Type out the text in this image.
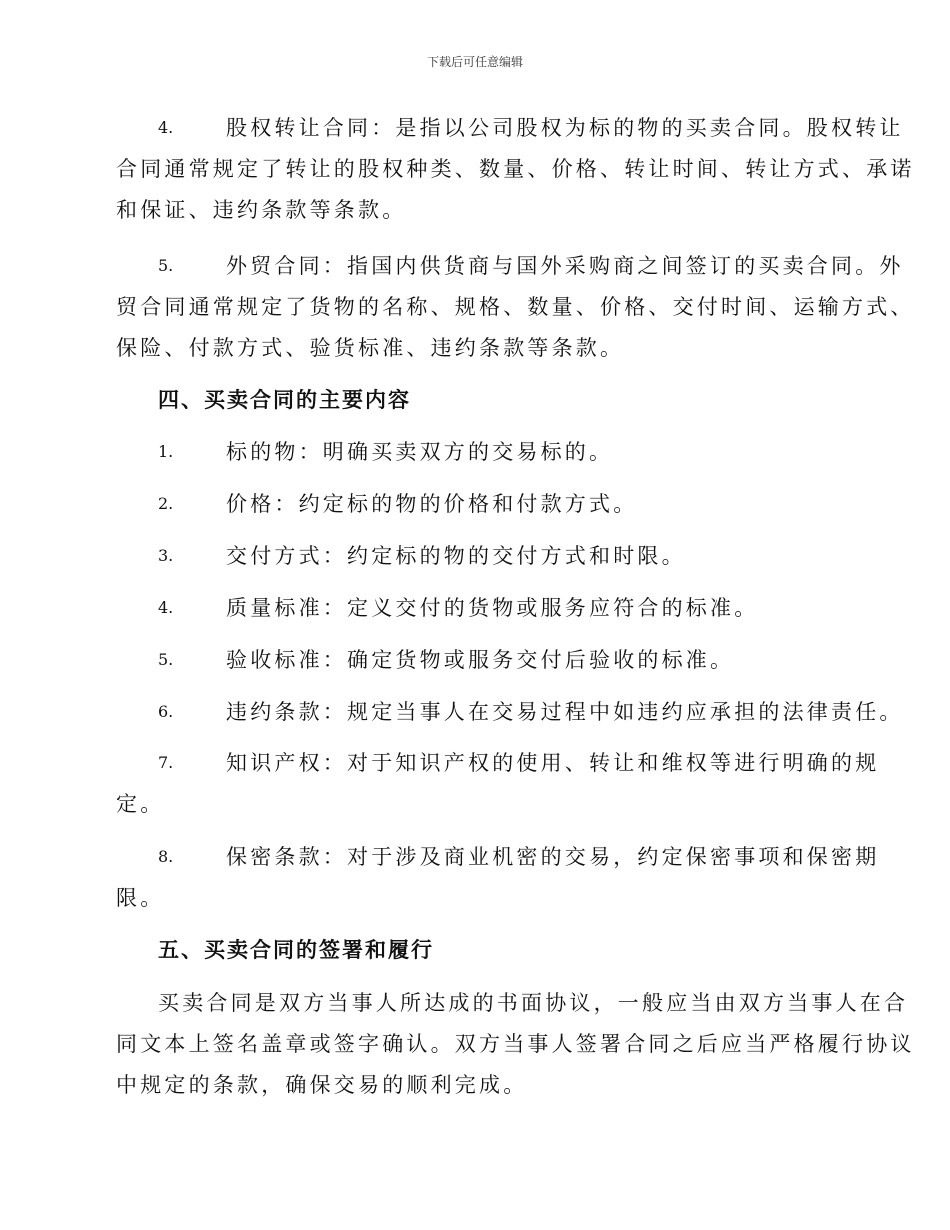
下载后可任意编辑
4.	股权转让合同：是指以公司股权为标的物的买卖合同。股权转让
合同通常规定了转让的股权种类、数量、价格、转让时间、转让方式、承诺
和保证、违约条款等条款。
5.	外贸合同：指国内供货商与国外采购商之间签订的买卖合同。外
贸合同通常规定了货物的名称、规格、数量、价格、交付时间、运输方式、
保险、付款方式、验货标准、违约条款等条款。
四、买卖合同的主要内容
1.	标的物：明确买卖双方的交易标的。
2.	价格：约定标的物的价格和付款方式。
3.	交付方式：约定标的物的交付方式和时限。
4.	质量标准：定义交付的货物或服务应符合的标准。
5.	验收标准：确定货物或服务交付后验收的标准。
6.	违约条款：规定当事人在交易过程中如违约应承担的法律责任。
7.	知识产权：对于知识产权的使用、转让和维权等进行明确的规
定。
8.	保密条款：对于涉及商业机密的交易，约定保密事项和保密期
限。
五、买卖合同的签署和履行
买卖合同是双方当事人所达成的书面协议，一般应当由双方当事人在合
同文本上签名盖章或签字确认。双方当事人签署合同之后应当严格履行协议
中规定的条款，确保交易的顺利完成。
